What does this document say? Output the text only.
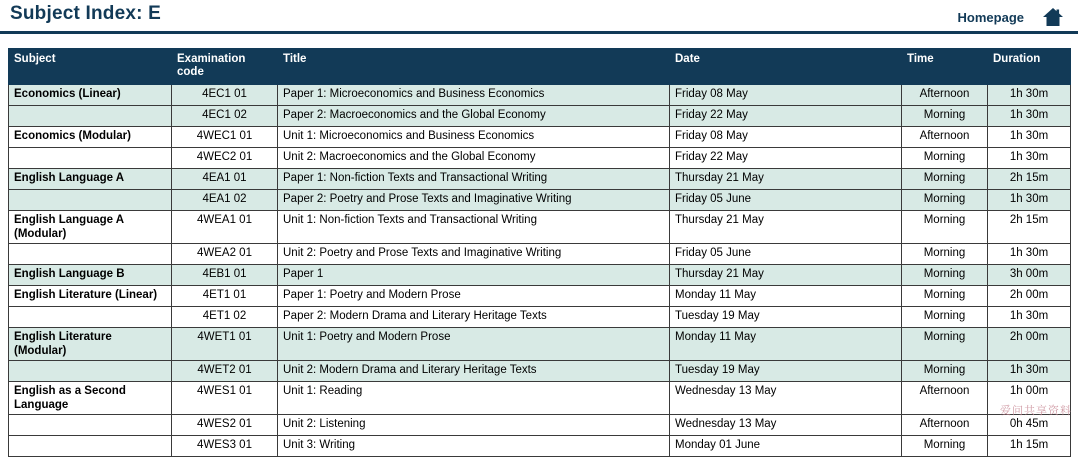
Subject Index: E	Homepage
Subject	Examination code	Title	Date	Time	Duration
Economics (Linear)	4EC1 01	Paper 1: Microeconomics and Business Economics	Friday 08 May	Afternoon	1h 30m
	4EC1 02	Paper 2: Macroeconomics and the Global Economy	Friday 22 May	Morning	1h 30m
Economics (Modular)	4WEC1 01	Unit 1: Microeconomics and Business Economics	Friday 08 May	Afternoon	1h 30m
	4WEC2 01	Unit 2: Macroeconomics and the Global Economy	Friday 22 May	Morning	1h 30m
English Language A	4EA1 01	Paper 1: Non-fiction Texts and Transactional Writing	Thursday 21 May	Morning	2h 15m
	4EA1 02	Paper 2: Poetry and Prose Texts and Imaginative Writing	Friday 05 June	Morning	1h 30m
English Language A (Modular)	4WEA1 01	Unit 1: Non-fiction Texts and Transactional Writing	Thursday 21 May	Morning	2h 15m
	4WEA2 01	Unit 2: Poetry and Prose Texts and Imaginative Writing	Friday 05 June	Morning	1h 30m
English Language B	4EB1 01	Paper 1	Thursday 21 May	Morning	3h 00m
English Literature (Linear)	4ET1 01	Paper 1: Poetry and Modern Prose	Monday 11 May	Morning	2h 00m
	4ET1 02	Paper 2: Modern Drama and Literary Heritage Texts	Tuesday 19 May	Morning	1h 30m
English Literature (Modular)	4WET1 01	Unit 1: Poetry and Modern Prose	Monday 11 May	Morning	2h 00m
	4WET2 01	Unit 2: Modern Drama and Literary Heritage Texts	Tuesday 19 May	Morning	1h 30m
English as a Second Language	4WES1 01	Unit 1: Reading	Wednesday 13 May	Afternoon	1h 00m
	4WES2 01	Unit 2: Listening	Wednesday 13 May	Afternoon	0h 45m
	4WES3 01	Unit 3: Writing	Monday 01 June	Morning	1h 15m
爱问共享资料
